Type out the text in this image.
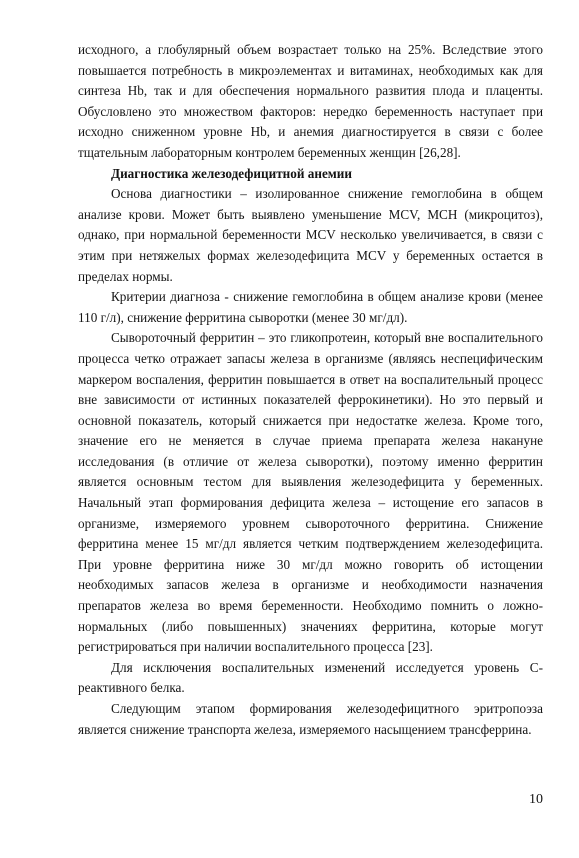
исходного, а глобулярный объем возрастает только на 25%. Вследствие этого повышается потребность в микроэлементах и витаминах, необходимых как для синтеза Hb, так и для обеспечения нормального развития плода и плаценты. Обусловлено это множеством факторов: нередко беременность наступает при исходно сниженном уровне Hb, и анемия диагностируется в связи с более тщательным лабораторным контролем беременных женщин [26,28].

Диагностика железодефицитной анемии

Основа диагностики – изолированное снижение гемоглобина в общем анализе крови. Может быть выявлено уменьшение MCV, MCH (микроцитоз), однако, при нормальной беременности MCV несколько увеличивается, в связи с этим при нетяжелых формах железодефицита MCV у беременных остается в пределах нормы.

Критерии диагноза - снижение гемоглобина в общем анализе крови (менее 110 г/л), снижение ферритина сыворотки (менее 30 мг/дл).

Сывороточный ферритин – это гликопротеин, который вне воспалительного процесса четко отражает запасы железа в организме (являясь неспецифическим маркером воспаления, ферритин повышается в ответ на воспалительный процесс вне зависимости от истинных показателей феррокинетики). Но это первый и основной показатель, который снижается при недостатке железа. Кроме того, значение его не меняется в случае приема препарата железа накануне исследования (в отличие от железа сыворотки), поэтому именно ферритин является основным тестом для выявления железодефицита у беременных. Начальный этап формирования дефицита железа – истощение его запасов в организме, измеряемого уровнем сывороточного ферритина. Снижение ферритина менее 15 мг/дл является четким подтверждением железодефицита. При уровне ферритина ниже 30 мг/дл можно говорить об истощении необходимых запасов железа в организме и необходимости назначения препаратов железа во время беременности. Необходимо помнить о ложно-нормальных (либо повышенных) значениях ферритина, которые могут регистрироваться при наличии воспалительного процесса [23].

Для исключения воспалительных изменений исследуется уровень С-реактивного белка.

Следующим этапом формирования железодефицитного эритропоэза является снижение транспорта железа, измеряемого насыщением трансферрина.

10
